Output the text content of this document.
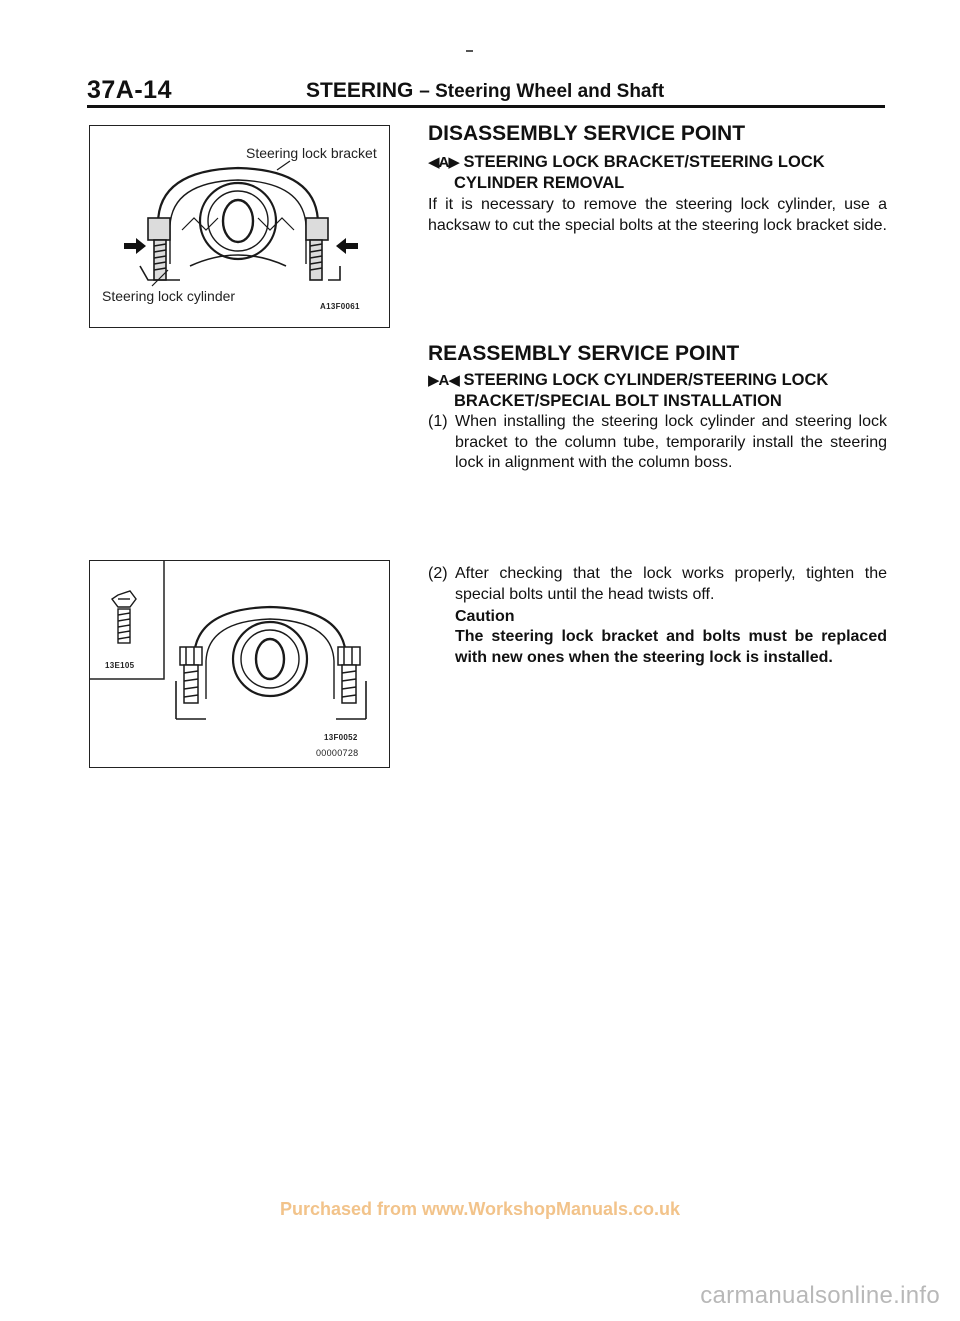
37A-14	STEERING – Steering Wheel and Shaft
Steering lock bracket
Steering lock cylinder
A13F0061
13E105
13F0052
00000728
DISASSEMBLY SERVICE POINT
◀A▶ STEERING LOCK BRACKET/STEERING LOCK
CYLINDER REMOVAL
If it is necessary to remove the steering lock cylinder, use a hacksaw to cut the special bolts at the steering lock bracket side.
REASSEMBLY SERVICE POINT
▶A◀ STEERING LOCK CYLINDER/STEERING LOCK
BRACKET/SPECIAL BOLT INSTALLATION
(1) When installing the steering lock cylinder and steering lock bracket to the column tube, temporarily install the steering lock in alignment with the column boss.
(2) After checking that the lock works properly, tighten the special bolts until the head twists off.
Caution
The steering lock bracket and bolts must be replaced with new ones when the steering lock is installed.
Purchased from www.WorkshopManuals.co.uk
carmanualsonline.info
